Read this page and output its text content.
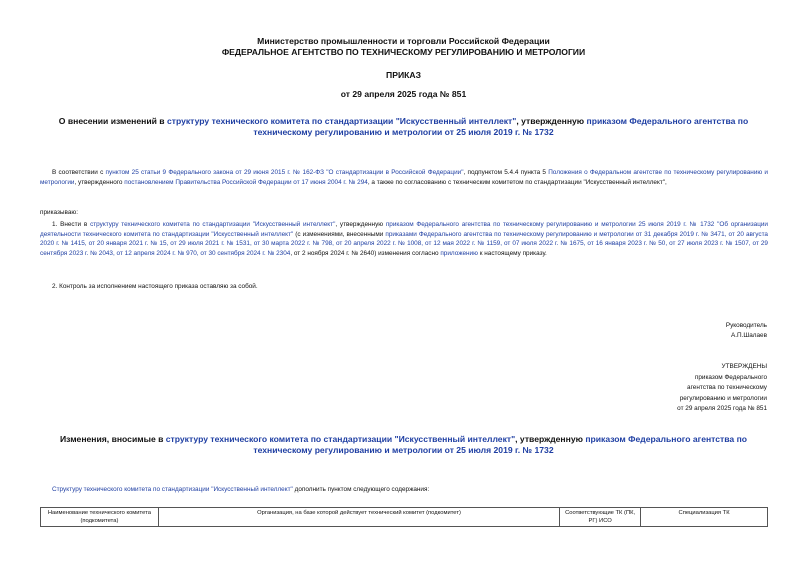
Министерство промышленности и торговли Российской Федерации
ФЕДЕРАЛЬНОЕ АГЕНТСТВО ПО ТЕХНИЧЕСКОМУ РЕГУЛИРОВАНИЮ И МЕТРОЛОГИИ
ПРИКАЗ
от 29 апреля 2025 года № 851
О внесении изменений в структуру технического комитета по стандартизации "Искусственный интеллект", утвержденную приказом Федерального агентства по техническому регулированию и метрологии от 25 июля 2019 г. № 1732
В соответствии с пунктом 25 статьи 9 Федерального закона от 29 июня 2015 г. № 162-ФЗ "О стандартизации в Российской Федерации", подпунктом 5.4.4 пункта 5 Положения о Федеральном агентстве по техническому регулированию и метрологии, утвержденного постановлением Правительства Российской Федерации от 17 июня 2004 г. № 294, а также по согласованию с техническим комитетом по стандартизации "Искусственный интеллект",
приказываю:
1. Внести в структуру технического комитета по стандартизации "Искусственный интеллект", утвержденную приказом Федерального агентства по техническому регулированию и метрологии 25 июля 2019 г. № 1732 "Об организации деятельности технического комитета по стандартизации "Искусственный интеллект" (с изменениями, внесенными приказами Федерального агентства по техническому регулированию и метрологии от 31 декабря 2019 г. № 3471, от 20 августа 2020 г. № 1415, от 20 января 2021 г. № 15, от 29 июля 2021 г. № 1531, от 30 марта 2022 г. № 798, от 20 апреля 2022 г. № 1008, от 12 мая 2022 г. № 1159, от 07 июля 2022 г. № 1675, от 16 января 2023 г. № 50, от 27 июля 2023 г. № 1507, от 29 сентября 2023 г. № 2043, от 12 апреля 2024 г. № 970, от 30 сентября 2024 г. № 2304, от 2 ноября 2024 г. № 2640) изменения согласно приложению к настоящему приказу.
2. Контроль за исполнением настоящего приказа оставляю за собой.
Руководитель
А.П.Шалаев
УТВЕРЖДЕНЫ
приказом Федерального
агентства по техническому
регулированию и метрологии
от 29 апреля 2025 года № 851
Изменения, вносимые в структуру технического комитета по стандартизации "Искусственный интеллект", утвержденную приказом Федерального агентства по техническому регулированию и метрологии от 25 июля 2019 г. № 1732
Структуру технического комитета по стандартизации "Искусственный интеллект" дополнить пунктом следующего содержания:
Наименование технического комитета (подкомитета)	Организация, на базе которой действует технический комитет (подкомитет)	Соответствующие ТК (ПК, РГ) ИСО	Специализация ТК
